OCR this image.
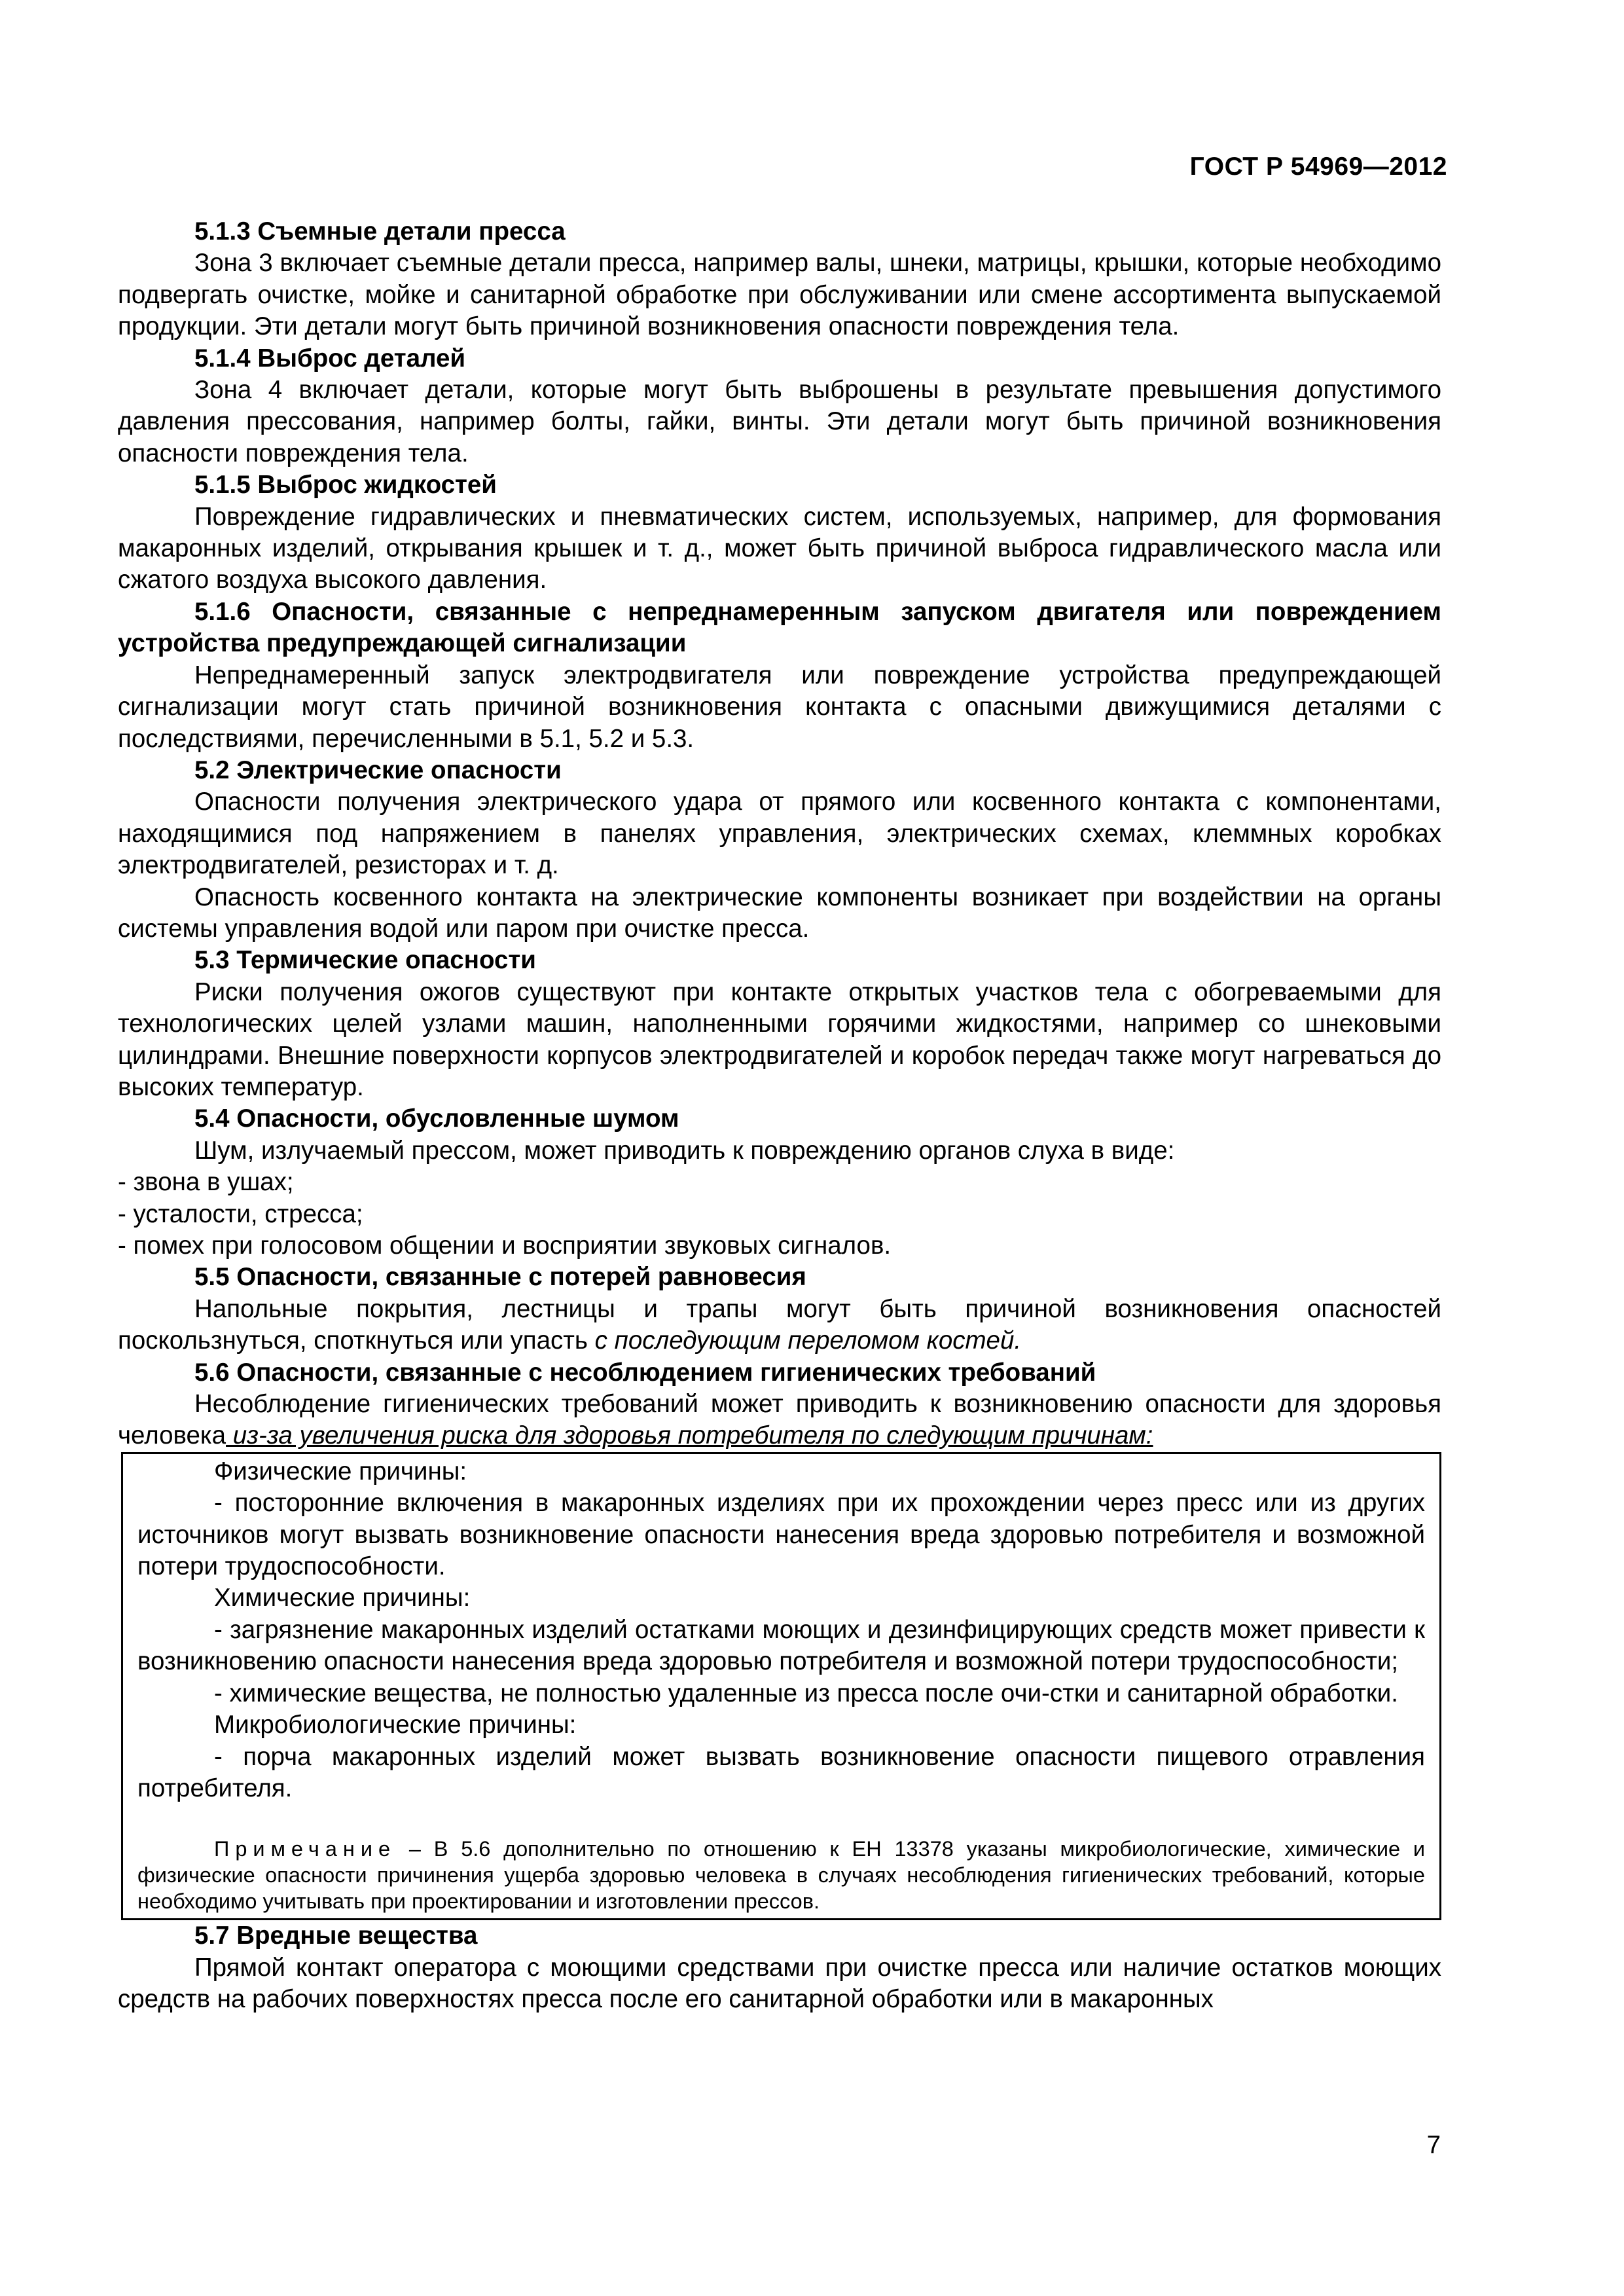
ГОСТ Р 54969—2012

5.1.3 Съемные детали пресса

Зона 3 включает съемные детали пресса, например валы, шнеки, матрицы, крышки, которые необходимо подвергать очистке, мойке и санитарной обработке при обслуживании или смене ассортимента выпускаемой продукции. Эти детали могут быть причиной возникновения опасности повреждения тела.

5.1.4 Выброс деталей

Зона 4 включает детали, которые могут быть выброшены в результате превышения допустимого давления прессования, например болты, гайки, винты. Эти детали могут быть причиной возникновения опасности повреждения тела.

5.1.5 Выброс жидкостей

Повреждение гидравлических и пневматических систем, используемых, например, для формования макаронных изделий, открывания крышек и т. д., может быть причиной выброса гидравлического масла или сжатого воздуха высокого давления.

5.1.6 Опасности, связанные с непреднамеренным запуском двигателя или повреждением устройства предупреждающей сигнализации

Непреднамеренный запуск электродвигателя или повреждение устройства предупреждающей сигнализации могут стать причиной возникновения контакта с опасными движущимися деталями с последствиями, перечисленными в 5.1, 5.2 и 5.3.

5.2 Электрические опасности

Опасности получения электрического удара от прямого или косвенного контакта с компонентами, находящимися под напряжением в панелях управления, электрических схемах, клеммных коробках электродвигателей, резисторах и т. д.

Опасность косвенного контакта на электрические компоненты возникает при воздействии на органы системы управления водой или паром при очистке пресса.

5.3 Термические опасности

Риски получения ожогов существуют при контакте открытых участков тела с обогреваемыми для технологических целей узлами машин, наполненными горячими жидкостями, например со шнековыми цилиндрами. Внешние поверхности корпусов электродвигателей и коробок передач также могут нагреваться до высоких температур.

5.4 Опасности, обусловленные шумом

Шум, излучаемый прессом, может приводить к повреждению органов слуха в виде:

- звона в ушах;

- усталости, стресса;

- помех при голосовом общении и восприятии звуковых сигналов.

5.5 Опасности, связанные с потерей равновесия

Напольные покрытия, лестницы и трапы могут быть причиной возникновения опасностей поскользнуться, споткнуться или упасть с последующим переломом костей.

5.6 Опасности, связанные с несоблюдением гигиенических требований

Несоблюдение гигиенических требований может приводить к возникновению опасности для здоровья человека из-за увеличения риска для здоровья потребителя по следующим причинам:

Физические причины:

- посторонние включения в макаронных изделиях при их прохождении через пресс или из других источников могут вызвать возникновение опасности нанесения вреда здоровью потребителя и возможной потери трудоспособности.

Химические причины:

- загрязнение макаронных изделий остатками моющих и дезинфицирующих средств может привести к возникновению опасности нанесения вреда здоровью потребителя и возможной потери трудоспособности;

- химические вещества, не полностью удаленные из пресса после очи-стки и санитарной обработки.

Микробиологические причины:

- порча макаронных изделий может вызвать возникновение опасности пищевого отравления потребителя.

Примечание – В 5.6 дополнительно по отношению к ЕН 13378 указаны микробиологические, химические и физические опасности причинения ущерба здоровью человека в случаях несоблюдения гигиенических требований, которые необходимо учитывать при проектировании и изготовлении прессов.

5.7 Вредные вещества

Прямой контакт оператора с моющими средствами при очистке пресса или наличие остатков моющих средств на рабочих поверхностях пресса после его санитарной обработки или в макаронных

7
